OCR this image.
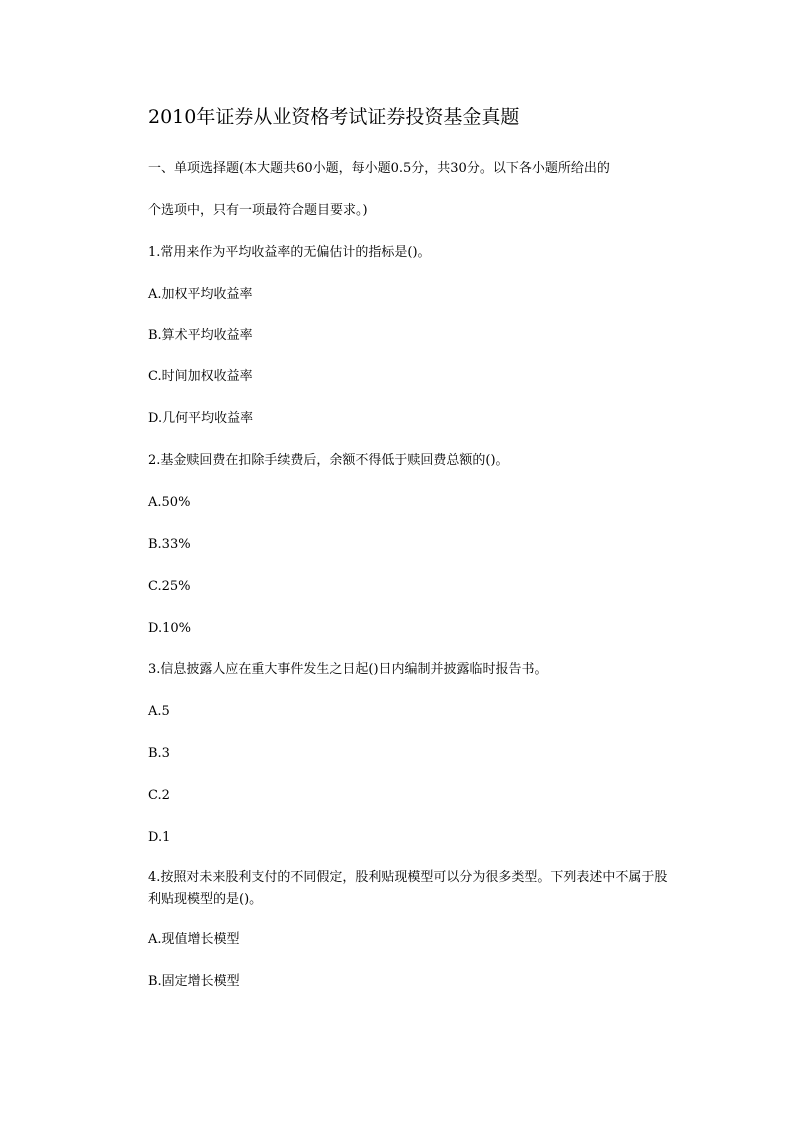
2010年证券从业资格考试证券投资基金真题
一、单项选择题(本大题共60小题，每小题0.5分，共30分。以下各小题所给出的
个选项中，只有一项最符合题目要求。)
1.常用来作为平均收益率的无偏估计的指标是()。
A.加权平均收益率
B.算术平均收益率
C.时间加权收益率
D.几何平均收益率
2.基金赎回费在扣除手续费后，余额不得低于赎回费总额的()。
A.50%
B.33%
C.25%
D.10%
3.信息披露人应在重大事件发生之日起()日内编制并披露临时报告书。
A.5
B.3
C.2
D.1
4.按照对未来股利支付的不同假定，股利贴现模型可以分为很多类型。下列表述中不属于股利贴现模型的是()。
A.现值增长模型
B.固定增长模型
